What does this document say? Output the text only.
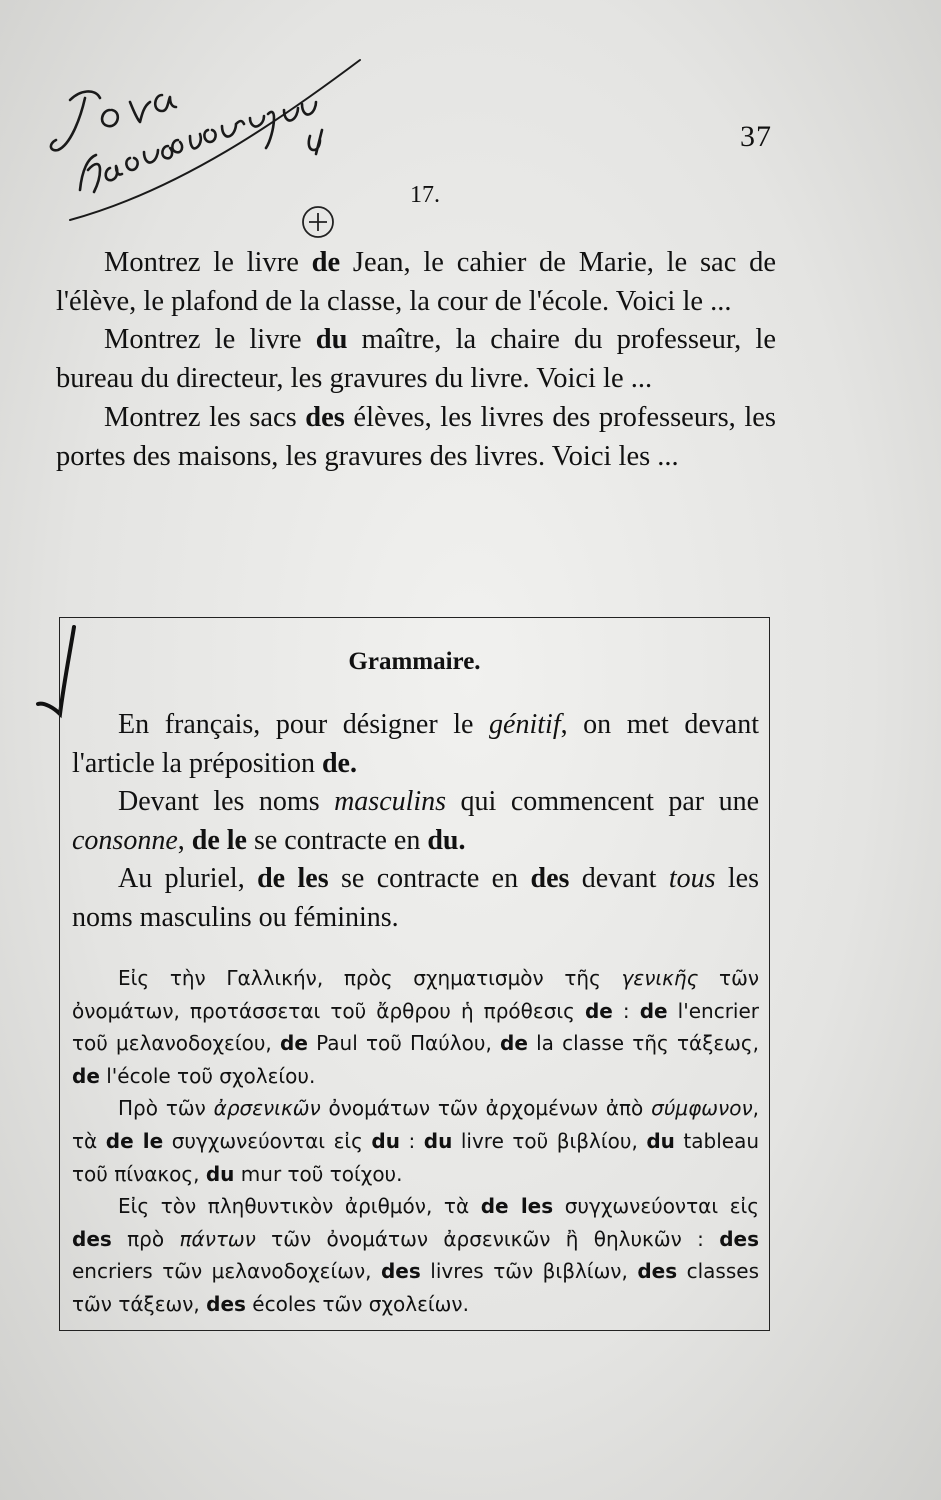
37
17.

Montrez le livre de Jean, le cahier de Marie, le sac de l'élève, le plafond de la classe, la cour de l'école. Voici le ...

Montrez le livre du maître, la chaire du professeur, le bureau du directeur, les gravures du livre. Voici le ...

Montrez les sacs des élèves, les livres des professeurs, les portes des maisons, les gravures des livres. Voici les ...

Grammaire.

En français, pour désigner le génitif, on met devant l'article la préposition de.

Devant les noms masculins qui commencent par une consonne, de le se contracte en du.

Au pluriel, de les se contracte en des devant tous les noms masculins ou féminins.

Εἰς τὴν Γαλλικήν, πρὸς σχηματισμὸν τῆς γενικῆς τῶν ὀνομάτων, προτάσσεται τοῦ ἄρθρου ἡ πρόθεσις de : de l'encrier τοῦ μελανοδοχείου, de Paul τοῦ Παύλου, de la classe τῆς τάξεως, de l'école τοῦ σχολείου.

Πρὸ τῶν ἀρσενικῶν ὀνομάτων τῶν ἀρχομένων ἀπὸ σύμφωνον, τὰ de le συγχωνεύονται εἰς du : du livre τοῦ βιβλίου, du tableau τοῦ πίνακος, du mur τοῦ τοίχου.

Εἰς τὸν πληθυντικὸν ἀριθμόν, τὰ de les συγχωνεύονται εἰς des πρὸ πάντων τῶν ὀνομάτων ἀρσενικῶν ἢ θηλυκῶν : des encriers τῶν μελανοδοχείων, des livres τῶν βιβλίων, des classes τῶν τάξεων, des écoles τῶν σχολείων.
